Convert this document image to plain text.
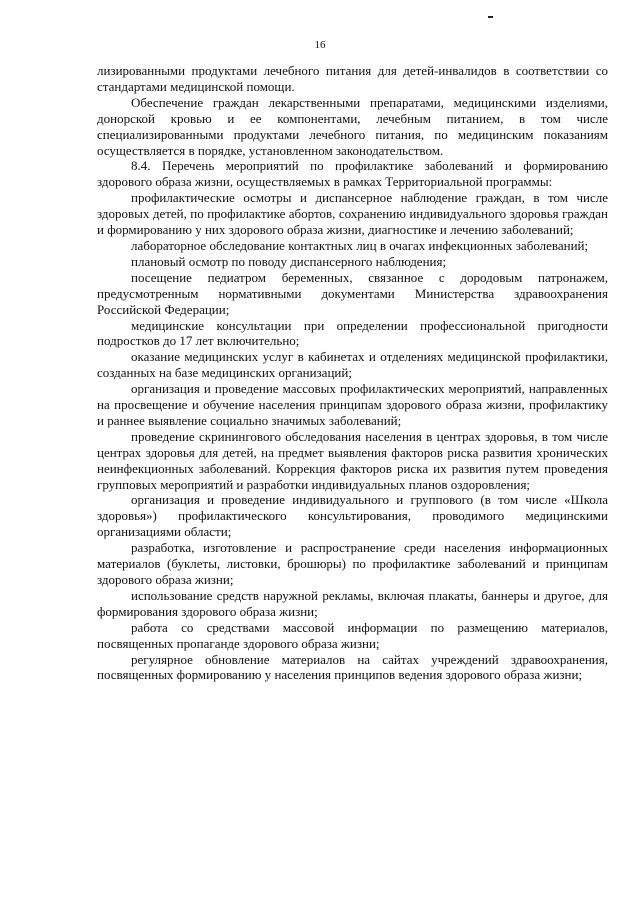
16

лизированными продуктами лечебного питания для детей-инвалидов в соответствии со стандартами медицинской помощи.

Обеспечение граждан лекарственными препаратами, медицинскими изделиями, донорской кровью и ее компонентами, лечебным питанием, в том числе специализированными продуктами лечебного питания, по медицинским показаниям осуществляется в порядке, установленном законодательством.

8.4. Перечень мероприятий по профилактике заболеваний и формированию здорового образа жизни, осуществляемых в рамках Территориальной программы:

профилактические осмотры и диспансерное наблюдение граждан, в том числе здоровых детей, по профилактике абортов, сохранению индивидуального здоровья граждан и формированию у них здорового образа жизни, диагностике и лечению заболеваний;

лабораторное обследование контактных лиц в очагах инфекционных заболеваний;

плановый осмотр по поводу диспансерного наблюдения;

посещение педиатром беременных, связанное с дородовым патронажем, предусмотренным нормативными документами Министерства здравоохранения Российской Федерации;

медицинские консультации при определении профессиональной пригодности подростков до 17 лет включительно;

оказание медицинских услуг в кабинетах и отделениях медицинской профилактики, созданных на базе медицинских организаций;

организация и проведение массовых профилактических мероприятий, направленных на просвещение и обучение населения принципам здорового образа жизни, профилактику и раннее выявление социально значимых заболеваний;

проведение скринингового обследования населения в центрах здоровья, в том числе центрах здоровья для детей, на предмет выявления факторов риска развития хронических неинфекционных заболеваний. Коррекция факторов риска их развития путем проведения групповых мероприятий и разработки индивидуальных планов оздоровления;

организация и проведение индивидуального и группового (в том числе «Школа здоровья») профилактического консультирования, проводимого медицинскими организациями области;

разработка, изготовление и распространение среди населения информационных материалов (буклеты, листовки, брошюры) по профилактике заболеваний и принципам здорового образа жизни;

использование средств наружной рекламы, включая плакаты, баннеры и другое, для формирования здорового образа жизни;

работа со средствами массовой информации по размещению материалов, посвященных пропаганде здорового образа жизни;

регулярное обновление материалов на сайтах учреждений здравоохранения, посвященных формированию у населения принципов ведения здорового образа жизни;
